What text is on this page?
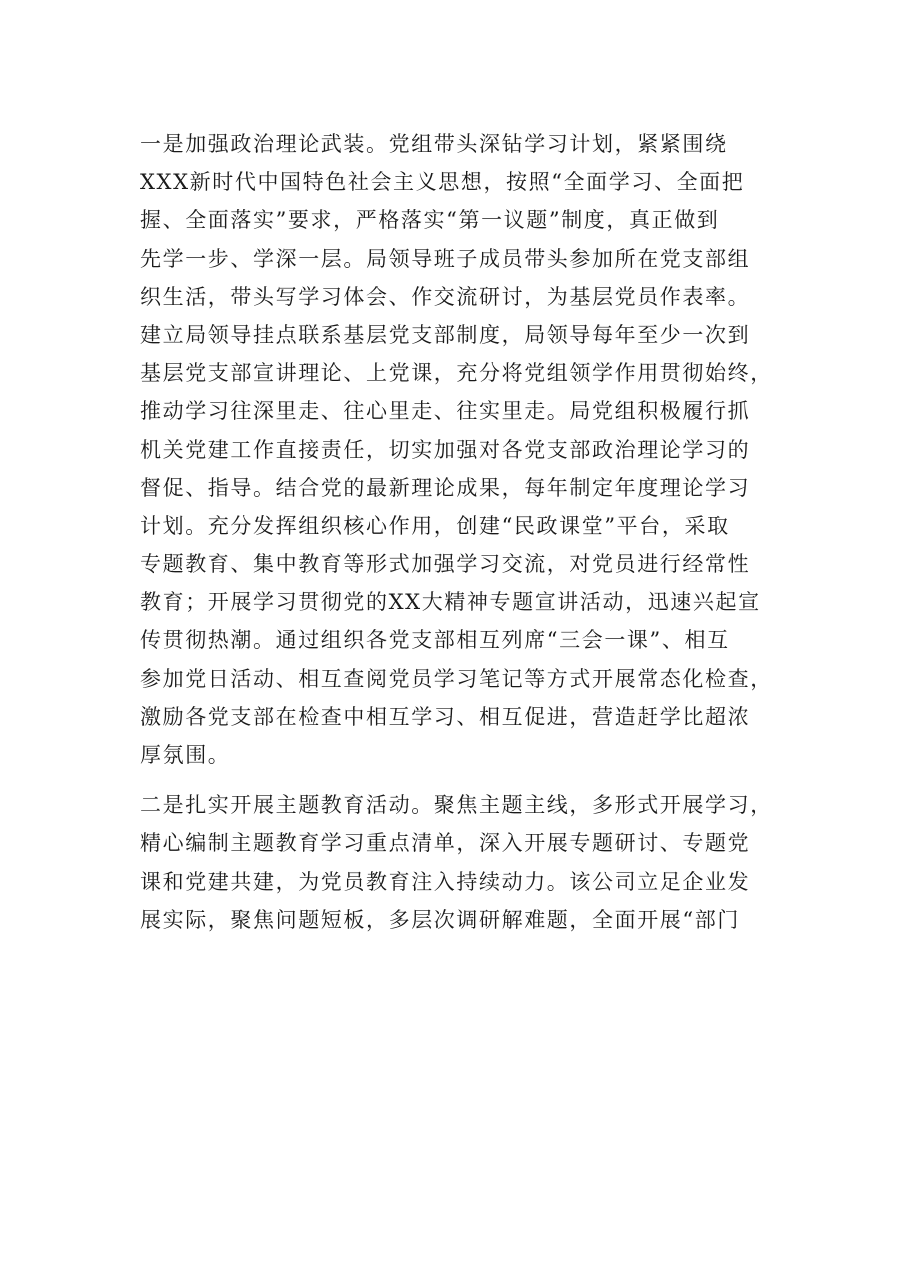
一是加强政治理论武装。党组带头深钻学习计划，紧紧围绕
XXX新时代中国特色社会主义思想，按照“全面学习、全面把
握、全面落实”要求，严格落实“第一议题”制度，真正做到
先学一步、学深一层。局领导班子成员带头参加所在党支部组
织生活，带头写学习体会、作交流研讨，为基层党员作表率。
建立局领导挂点联系基层党支部制度，局领导每年至少一次到
基层党支部宣讲理论、上党课，充分将党组领学作用贯彻始终，
推动学习往深里走、往心里走、往实里走。局党组积极履行抓
机关党建工作直接责任，切实加强对各党支部政治理论学习的
督促、指导。结合党的最新理论成果，每年制定年度理论学习
计划。充分发挥组织核心作用，创建“民政课堂”平台，采取
专题教育、集中教育等形式加强学习交流，对党员进行经常性
教育；开展学习贯彻党的XX大精神专题宣讲活动，迅速兴起宣
传贯彻热潮。通过组织各党支部相互列席“三会一课”、相互
参加党日活动、相互查阅党员学习笔记等方式开展常态化检查，
激励各党支部在检查中相互学习、相互促进，营造赶学比超浓
厚氛围。
二是扎实开展主题教育活动。聚焦主题主线，多形式开展学习，
精心编制主题教育学习重点清单，深入开展专题研讨、专题党
课和党建共建，为党员教育注入持续动力。该公司立足企业发
展实际，聚焦问题短板，多层次调研解难题，全面开展“部门
